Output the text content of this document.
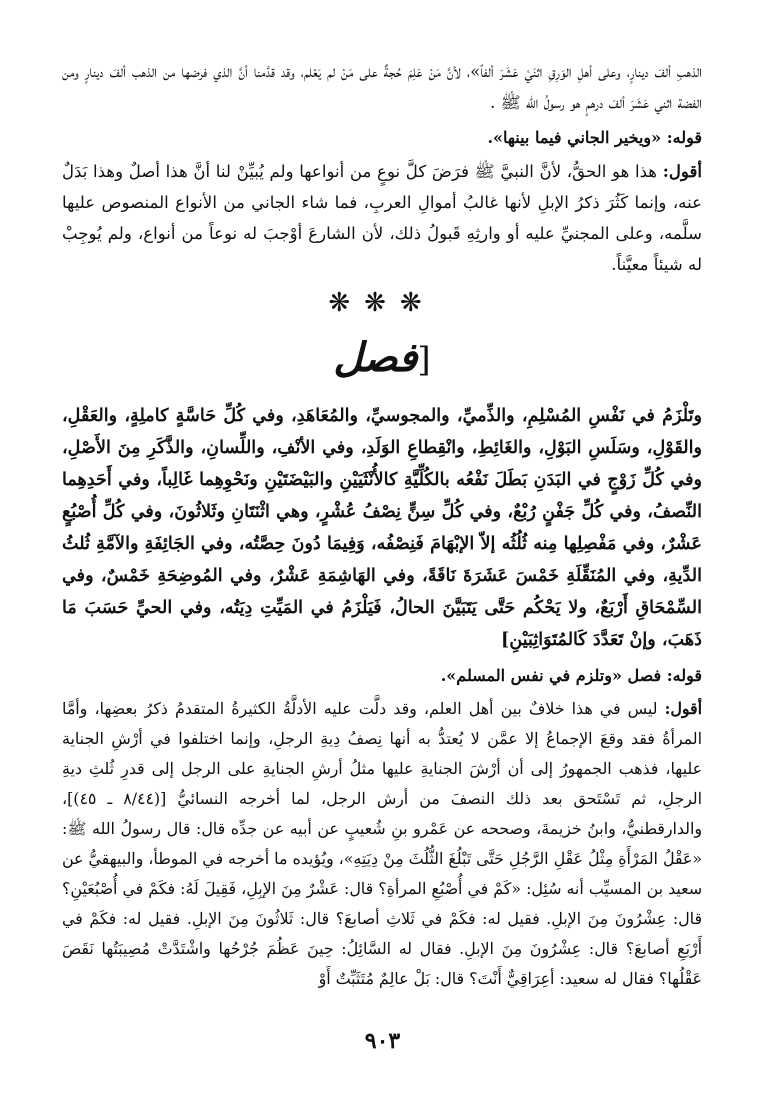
الذهبِ ألفَ دينارٍ، وعلى أهلِ الوَرِقِ اثنَيْ عَشَرَ ألفاً»، لأنَّ مَنْ عَلِمَ حُجةٌ على مَنْ لم يَعْلم، وقد قدَّمنا أنَّ الذي فرضها من الذهب ألفَ دينارٍ ومن الفضة اثني عَشَرَ ألفَ درهمٍ هو رسولُ الله ﷺ .

قوله: «ويخير الجاني فيما بينها».

أقول: هذا هو الحقُّ، لأنَّ النبيَّ ﷺ فرَضَ كلَّ نوعٍ من أنواعها ولم يُبيِّنْ لنا أنَّ هذا أصلٌ وهذا بَدَلٌ عنه، وإنما كَثُرَ ذكرُ الإبلِ لأنها غالبُ أموالِ العربِ، فما شاء الجاني من الأنواع المنصوص عليها سلَّمه، وعلى المجنيِّ عليه أو وارثِهِ قَبولُ ذلك، لأن الشارعَ أوْجبَ له نوعاً من أنواع، ولم يُوجِبْ له شيئاً معيَّناً.

❋❋❋
[فصل

وتَلْزَمُ في نَفْسِ المُسْلِمِ، والذِّميِّ، والمجوسيِّ، والمُعَاهَدِ، وفي كُلِّ حَاسَّةٍ كاملِةٍ، والعَقْلِ، والقَوْلِ، وسَلَسِ البَوْلِ، والغَائِطِ، وانْقِطاعِ الوَلَدِ، وفي الأنْفِ، واللِّسانِ، والذَّكَرِ مِنَ الأَصْلِ، وفي كُلِّ زَوْجٍ في البَدَنِ بَطَلَ نَفْعُه بالكُلِّيَّةِ كالأُنْثَيَيْنِ والبَيْضَتَيْنِ ونَحْوِهِما غَالِباً، وفي أَحَدِهِما النِّصفُ، وفي كُلِّ جَفْنٍ رُبْعٌ، وفي كُلِّ سِنٍّ نِصْفُ عُشْرٍ، وهي اثْنَتَانِ وثَلاثُونَ، وفي كُلِّ أُصْبُعٍ عَشْرٌ، وفي مَفْصِلِها مِنه ثُلُثُه إلاّ الإبْهَامَ فَنِصْفُه، وَفِيمَا دُونَ حِصَّتُه، وفي الجَائِفَةِ والآمَّةِ ثُلثُ الدِّيةِ، وفي المُنَقِّلَةِ خَمْسَ عَشَرَةَ نَاقَةً، وفي الهَاشِمَةِ عَشْرٌ، وفي المُوضِحَةِ خَمْسٌ، وفي السِّمْحَاقِ أَرْبَعٌ، ولا يَحْكُم حَتَّى يَتَبَيَّنَ الحالُ، فَيَلْزَمُ في المَيِّتِ دِيَتُه، وفي الحيِّ حَسَبَ مَا ذَهَبَ، وإنْ تَعَدَّدَ كَالمُتَوَاثِبَيْنِ]

قوله: فصل «وتلزم في نفس المسلم».

أقول: ليس في هذا خلافٌ بين أهل العلم، وقد دلَّت عليه الأدلَّةُ الكثيرةُ المتقدمُ ذكرُ بعضِها، وأمَّا المرأةُ فقد وقعَ الإجماعُ إلا عمَّن لا يُعتدُّ به أنها نِصفُ دِيةِ الرجلِ، وإنما اختلفوا في أرْشِ الجناية عليها، فذهب الجمهورُ إلى أن أرْشَ الجنايةِ عليها مثلُ أرشِ الجنايةِ على الرجل إلى قدرِ ثُلثِ ديةِ الرجلِ، ثم تَسْتَحق بعد ذلك النصفَ من أرش الرجل، لما أخرجه النسائيُّ [(٨/٤٤ ـ ٤٥)]، والدارقطنيُّ، وابنُ خزيمةَ، وصححه عن عَمْرو بنِ شُعيبٍ عن أبيه عن جدِّه قال: قال رسولُ الله ﷺ: «عَقْلُ المَرْأَةِ مِثْلُ عَقْلِ الرَّجُلِ حَتَّى تَبْلُغَ الثُّلُثَ مِنْ دِيَتِهِ»، ويُؤيده ما أخرجه في الموطأ، والبيهقيُّ عن سعيد بن المسيِّب أنه سُئِل: «كَمْ في أُصْبُعِ المرأةِ؟ قال: عَشْرٌ مِنَ الإبِلِ، فَقِيلَ لَهُ: فكَمْ في أُصْبُعَيْنِ؟ قال: عِشْرُونَ مِنَ الإبلِ. فقيل له: فكَمْ في ثَلاثِ أصابعَ؟ قال: ثَلاثُونَ مِنَ الإبلِ. فقيل له: فكَمْ في أَرْبَعِ أصابعَ؟ قال: عِشْرُونَ مِنَ الإبلِ. فقال له السَّائِلُ: حِينَ عَظُمَ جُرْحُها واشْتَدَّتْ مُصِيبَتُها نَقَصَ عَقْلُها؟ فقال له سعيد: أعِرَاقِيٌّ أَنْتَ؟ قال: بَلْ عالِمٌ مُتَثَبِّتٌ أَوْ

٩٠٣
